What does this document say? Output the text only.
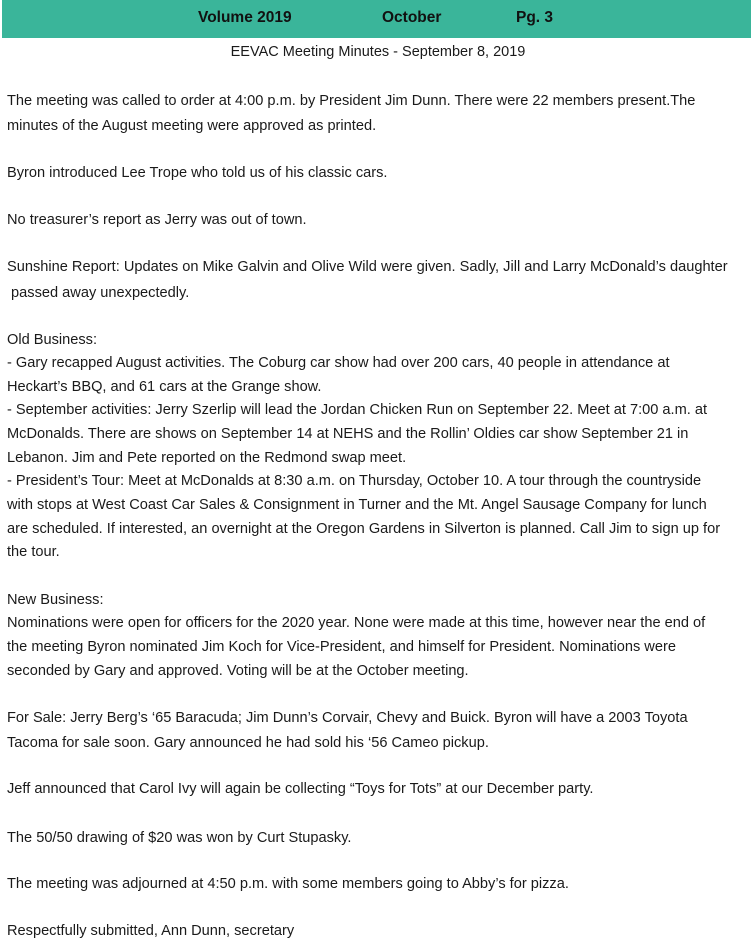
Volume 2019	October	Pg. 3
EEVAC Meeting Minutes - September 8, 2019
The meeting was called to order at 4:00 p.m. by President Jim Dunn. There were 22 members present.The
minutes of the August meeting were approved as printed.
Byron introduced Lee Trope who told us of his classic cars.
No treasurer’s report as Jerry was out of town.
Sunshine Report: Updates on Mike Galvin and Olive Wild were given. Sadly, Jill and Larry McDonald’s daughter
passed away unexpectedly.
Old Business:
- Gary recapped August activities. The Coburg car show had over 200 cars, 40 people in attendance at
Heckart’s BBQ, and 61 cars at the Grange show.
- September activities: Jerry Szerlip will lead the Jordan Chicken Run on September 22. Meet at 7:00 a.m. at
McDonalds. There are shows on September 14 at NEHS and the Rollin’ Oldies car show September 21 in
Lebanon. Jim and Pete reported on the Redmond swap meet.
- President’s Tour: Meet at McDonalds at 8:30 a.m. on Thursday, October 10. A tour through the countryside
with stops at West Coast Car Sales & Consignment in Turner and the Mt. Angel Sausage Company for lunch
are scheduled. If interested, an overnight at the Oregon Gardens in Silverton is planned. Call Jim to sign up for
the tour.
New Business:
Nominations were open for officers for the 2020 year. None were made at this time, however near the end of
the meeting Byron nominated Jim Koch for Vice-President, and himself for President. Nominations were
seconded by Gary and approved. Voting will be at the October meeting.
For Sale: Jerry Berg’s ‘65 Baracuda; Jim Dunn’s Corvair, Chevy and Buick. Byron will have a 2003 Toyota
Tacoma for sale soon. Gary announced he had sold his ‘56 Cameo pickup.
Jeff announced that Carol Ivy will again be collecting “Toys for Tots” at our December party.
The 50/50 drawing of $20 was won by Curt Stupasky.
The meeting was adjourned at 4:50 p.m. with some members going to Abby’s for pizza.
Respectfully submitted, Ann Dunn, secretary
